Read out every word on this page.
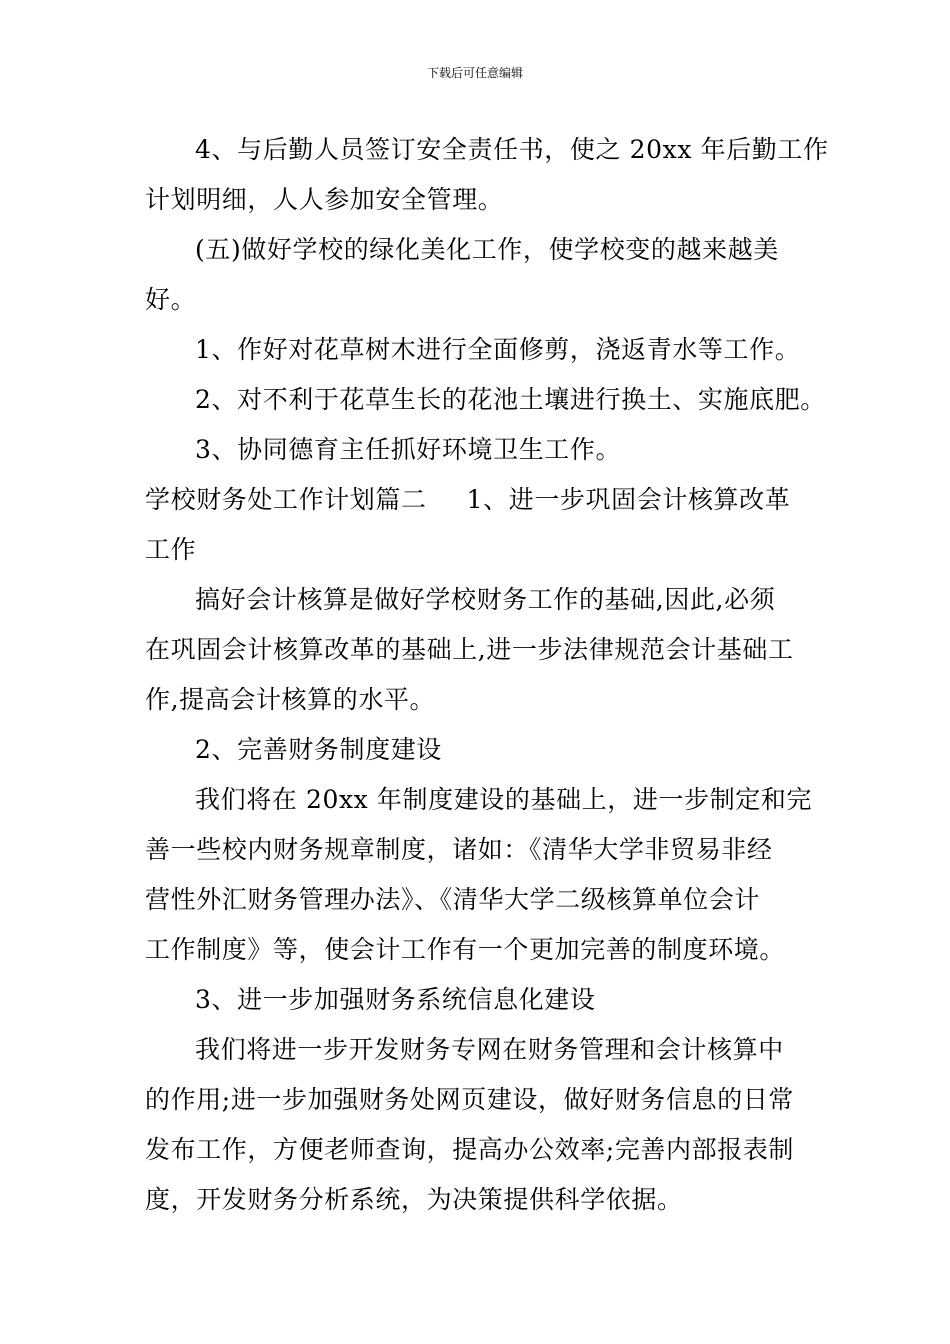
下载后可任意编辑
4、与后勤人员签订安全责任书，使之 20xx 年后勤工作
计划明细，人人参加安全管理。
(五)做好学校的绿化美化工作，使学校变的越来越美
好。
1、作好对花草树木进行全面修剪，浇返青水等工作。
2、对不利于花草生长的花池土壤进行换土、实施底肥。
3、协同德育主任抓好环境卫生工作。
学校财务处工作计划篇二 1、进一步巩固会计核算改革
工作
搞好会计核算是做好学校财务工作的基础,因此,必须
在巩固会计核算改革的基础上,进一步法律规范会计基础工
作,提高会计核算的水平。
2、完善财务制度建设
我们将在 20xx 年制度建设的基础上，进一步制定和完
善一些校内财务规章制度，诸如：《清华大学非贸易非经
营性外汇财务管理办法》、《清华大学二级核算单位会计
工作制度》等，使会计工作有一个更加完善的制度环境。
3、进一步加强财务系统信息化建设
我们将进一步开发财务专网在财务管理和会计核算中
的作用;进一步加强财务处网页建设，做好财务信息的日常
发布工作，方便老师查询，提高办公效率;完善内部报表制
度，开发财务分析系统，为决策提供科学依据。
